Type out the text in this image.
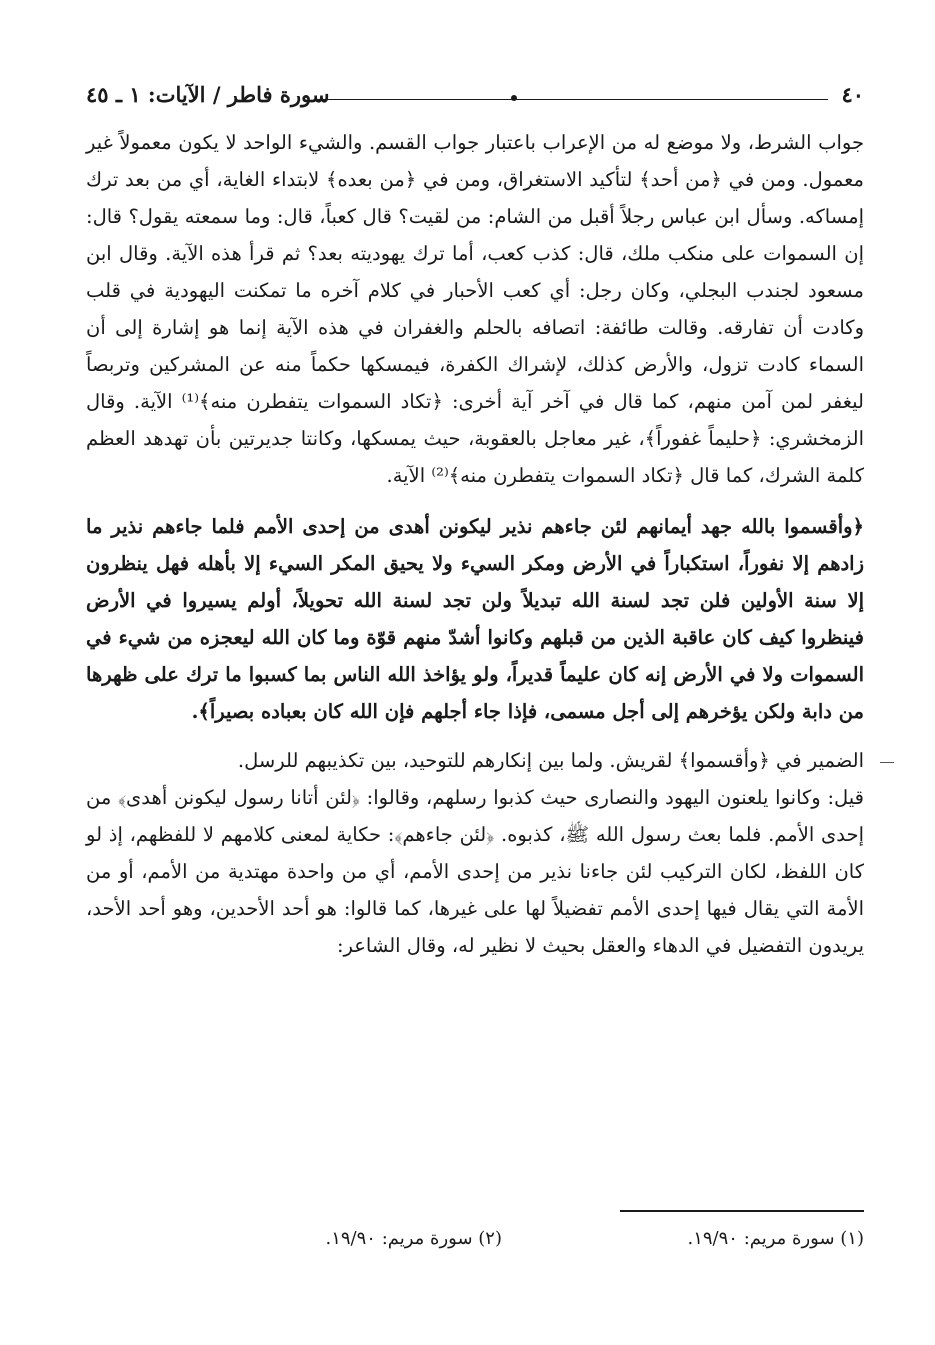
٤٠
سورة فاطر / الآيات: ١ ـ ٤٥

جواب الشرط، ولا موضع له من الإعراب باعتبار جواب القسم. والشيء الواحد لا يكون معمولاً غير معمول. ومن في ﴿من أحد﴾ لتأكيد الاستغراق، ومن في ﴿من بعده﴾ لابتداء الغاية، أي من بعد ترك إمساكه. وسأل ابن عباس رجلاً أقبل من الشام: من لقيت؟ قال كعباً، قال: وما سمعته يقول؟ قال: إن السموات على منكب ملك، قال: كذب كعب، أما ترك يهوديته بعد؟ ثم قرأ هذه الآية. وقال ابن مسعود لجندب البجلي، وكان رجل: أي كعب الأحبار في كلام آخره ما تمكنت اليهودية في قلب وكادت أن تفارقه. وقالت طائفة: اتصافه بالحلم والغفران في هذه الآية إنما هو إشارة إلى أن السماء كادت تزول، والأرض كذلك، لإشراك الكفرة، فيمسكها حكماً منه عن المشركين وتربصاً ليغفر لمن آمن منهم، كما قال في آخر آية أخرى: ﴿تكاد السموات يتفطرن منه﴾⁽¹⁾ الآية. وقال الزمخشري: ﴿حليماً غفوراً﴾، غير معاجل بالعقوبة، حيث يمسكها، وكانتا جديرتين بأن تهدهد العظم كلمة الشرك، كما قال ﴿تكاد السموات يتفطرن منه﴾⁽²⁾ الآية.

﴿وأقسموا بالله جهد أيمانهم لئن جاءهم نذير ليكونن أهدى من إحدى الأمم فلما جاءهم نذير ما زادهم إلا نفوراً، استكباراً في الأرض ومكر السيء ولا يحيق المكر السيء إلا بأهله فهل ينظرون إلا سنة الأولين فلن تجد لسنة الله تبديلاً ولن تجد لسنة الله تحويلاً، أولم يسيروا في الأرض فينظروا كيف كان عاقبة الذين من قبلهم وكانوا أشدّ منهم قوّة وما كان الله ليعجزه من شيء في السموات ولا في الأرض إنه كان عليماً قديراً، ولو يؤاخذ الله الناس بما كسبوا ما ترك على ظهرها من دابة ولكن يؤخرهم إلى أجل مسمى، فإذا جاء أجلهم فإن الله كان بعباده بصيراً﴾.

الضمير في ﴿وأقسموا﴾ لقريش. ولما بين إنكارهم للتوحيد، بين تكذيبهم للرسل.

قيل: وكانوا يلعنون اليهود والنصارى حيث كذبوا رسلهم، وقالوا: ﴿لئن أتانا رسول ليكونن أهدى﴾ من إحدى الأمم. فلما بعث رسول الله ﷺ، كذبوه. ﴿لئن جاءهم﴾: حكاية لمعنى كلامهم لا للفظهم، إذ لو كان اللفظ، لكان التركيب لئن جاءنا نذير من إحدى الأمم، أي من واحدة مهتدية من الأمم، أو من الأمة التي يقال فيها إحدى الأمم تفضيلاً لها على غيرها، كما قالوا: هو أحد الأحدين، وهو أحد الأحد، يريدون التفضيل في الدهاء والعقل بحيث لا نظير له، وقال الشاعر:

(١) سورة مريم: ١٩/٩٠.
(٢) سورة مريم: ١٩/٩٠.
